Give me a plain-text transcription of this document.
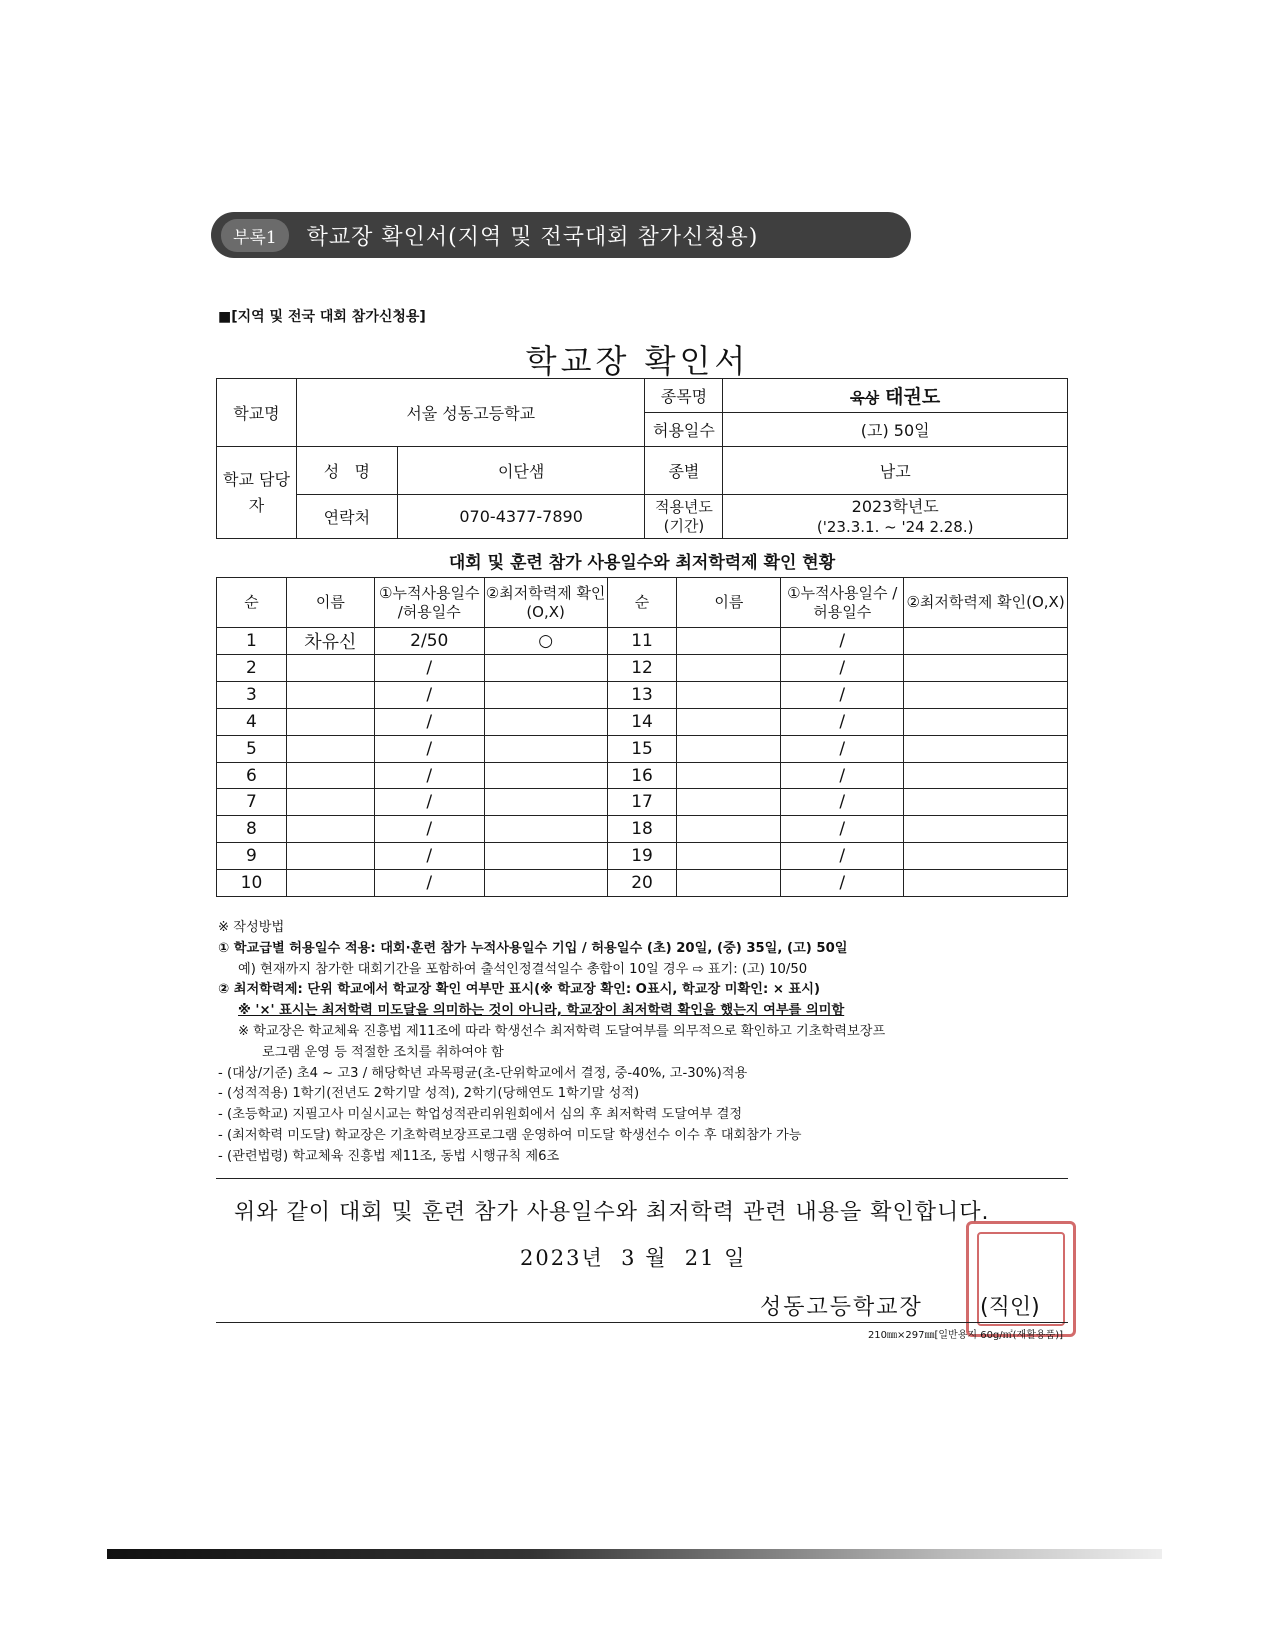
부록1	학교장 확인서(지역 및 전국대회 참가신청용)
■[지역 및 전국 대회 참가신청용]
학교장 확인서
학교명	서울 성동고등학교		종목명	육상 태권도
			허용일수	(고) 50일
학교 담당자	성   명	이단샘	종별	남고
	연락처	070-4377-7890	적용년도 (기간)	2023학년도
('23.3.1. ~ '24 2.28.)
대회 및 훈련 참가 사용일수와 최저학력제 확인 현황
순	이름	①누적사용일수 /허용일수	②최저학력제 확인(O,X)	순	이름	①누적사용일수 /허용일수	②최저학력제 확인(O,X)
1	차유신	2/50	○	11		/	
2		/		12		/	
3		/		13		/	
4		/		14		/	
5		/		15		/	
6		/		16		/	
7		/		17		/	
8		/		18		/	
9		/		19		/	
10		/		20		/	
※ 작성방법
① 학교급별 허용일수 적용: 대회·훈련 참가 누적사용일수 기입 / 허용일수 (초) 20일, (중) 35일, (고) 50일
예) 현재까지 참가한 대회기간을 포함하여 출석인정결석일수 총합이 10일 경우 ⇨ 표기: (고) 10/50
② 최저학력제: 단위 학교에서 학교장 확인 여부만 표시(※ 학교장 확인: O표시, 학교장 미확인: × 표시)
※ '×' 표시는 최저학력 미도달을 의미하는 것이 아니라, 학교장이 최저학력 확인을 했는지 여부를 의미함
※ 학교장은 학교체육 진흥법 제11조에 따라 학생선수 최저학력 도달여부를 의무적으로 확인하고 기초학력보장프
로그램 운영 등 적절한 조치를 취하여야 함
- (대상/기준) 초4 ~ 고3 / 해당학년 과목평균(초-단위학교에서 결정, 중-40%, 고-30%)적용
- (성적적용) 1학기(전년도 2학기말 성적), 2학기(당해연도 1학기말 성적)
- (초등학교) 지필고사 미실시교는 학업성적관리위원회에서 심의 후 최저학력 도달여부 결정
- (최저학력 미도달) 학교장은 기초학력보장프로그램 운영하여 미도달 학생선수 이수 후 대회참가 가능
- (관련법령) 학교체육 진흥법 제11조, 동법 시행규칙 제6조
위와 같이 대회 및 훈련 참가 사용일수와 최저학력 관련 내용을 확인합니다.
2023년  3 월  21 일
성동고등학교장	(직인)
210㎜×297㎜[일반용지 60g/㎡(재활용품)]
